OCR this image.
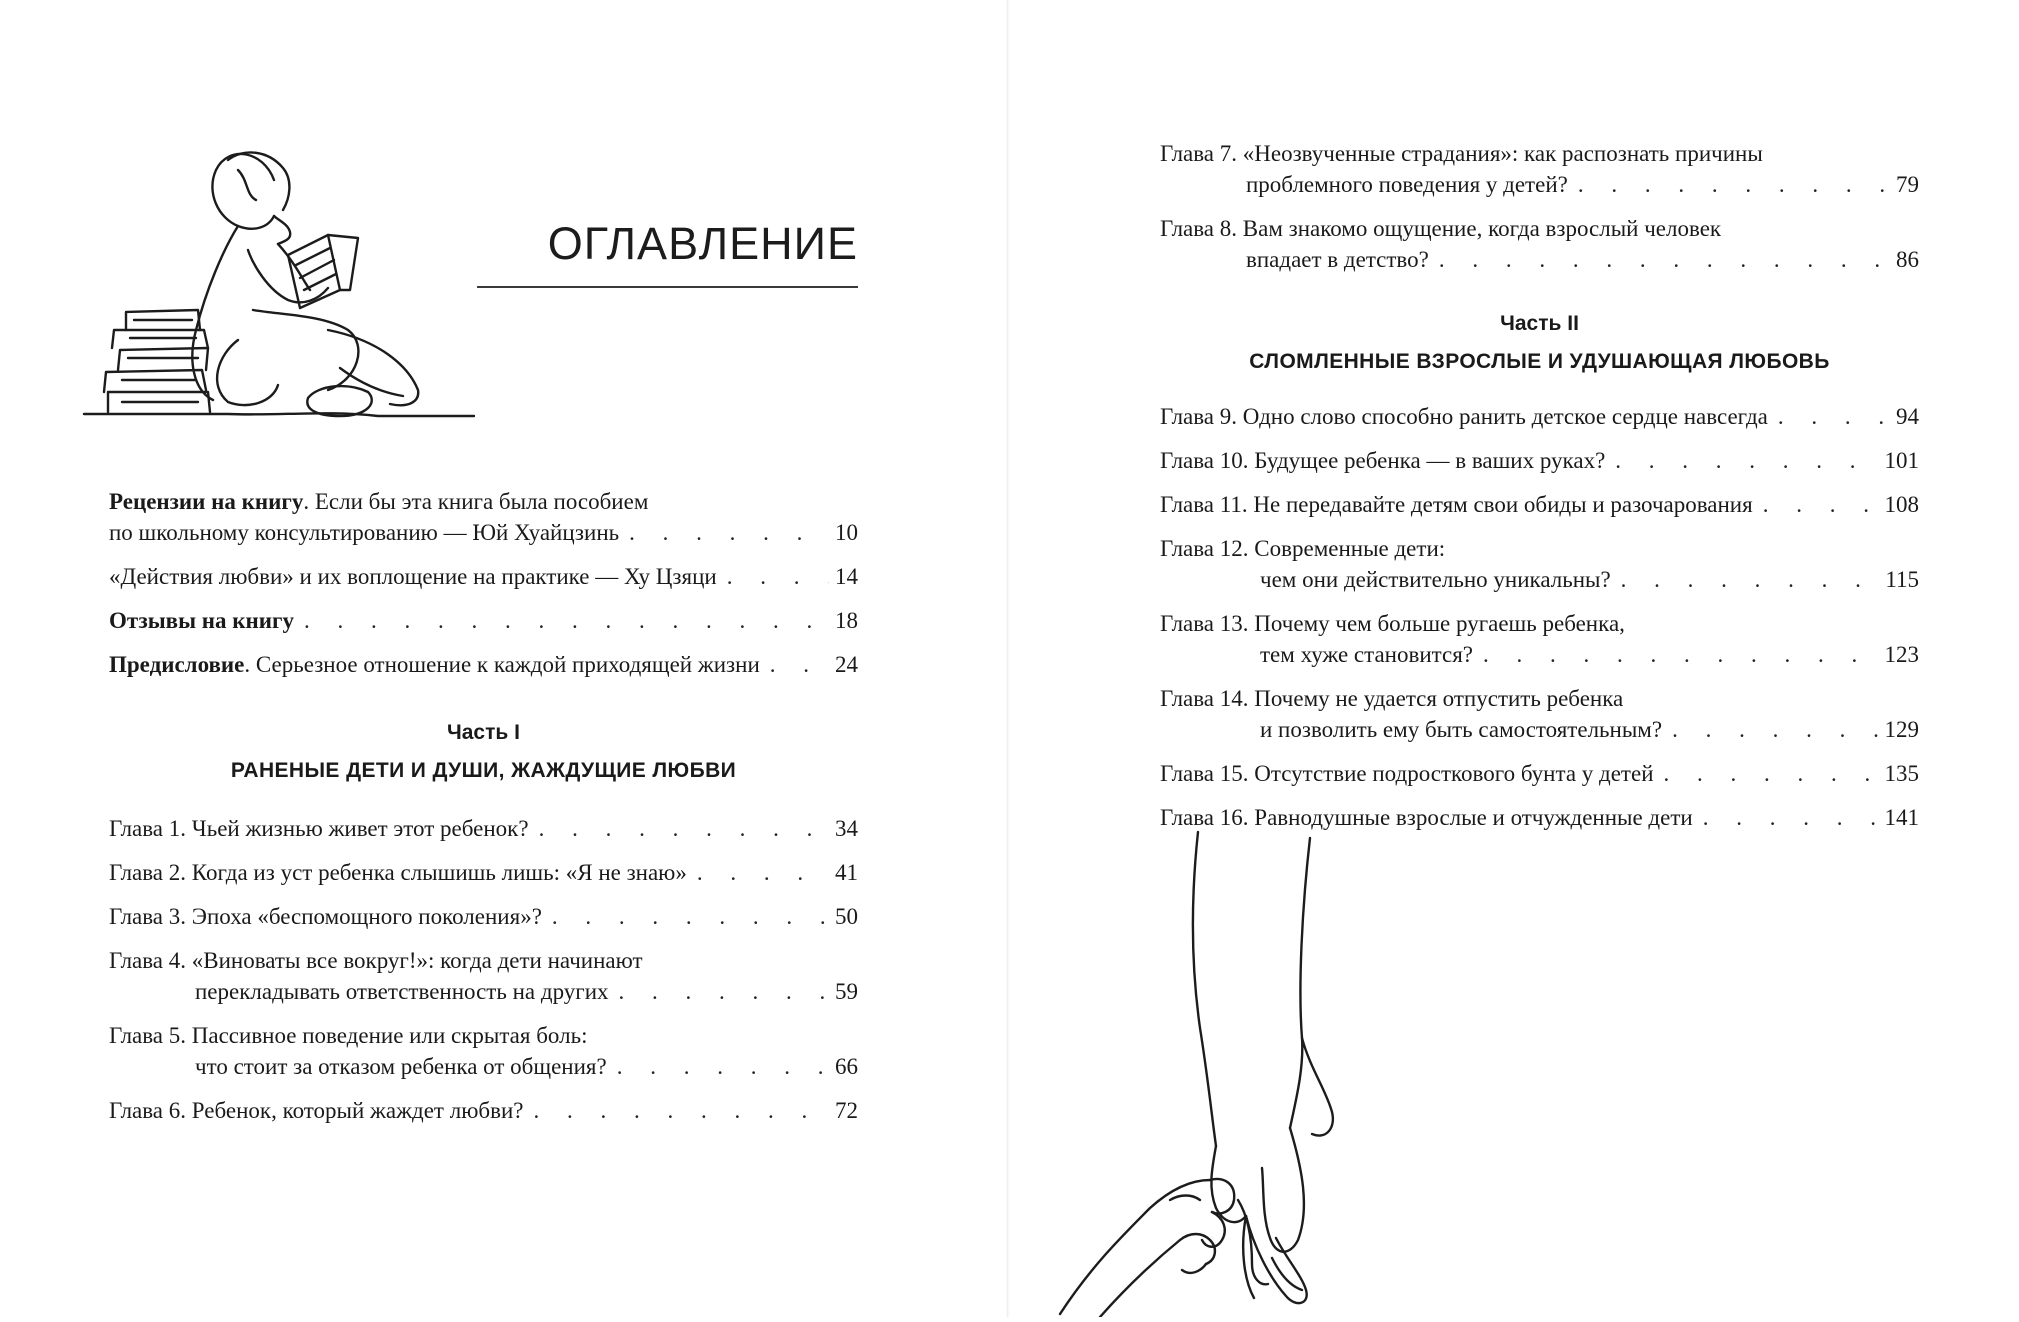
ОГЛАВЛЕНИЕ
Рецензии на книгу. Если бы эта книга была пособием
по школьному консультированию — Юй Хуайцзинь . . .	10
«Действия любви» и их воплощение на практике — Ху Цзяци . . .	14
Отзывы на книгу . . .	18
Предисловие. Серьезное отношение к каждой приходящей жизни . . .	24
Часть I
РАНЕНЫЕ ДЕТИ И ДУШИ, ЖАЖДУЩИЕ ЛЮБВИ
Глава 1. Чьей жизнью живет этот ребенок? . . .	34
Глава 2. Когда из уст ребенка слышишь лишь: «Я не знаю» . . .	41
Глава 3. Эпоха «беспомощного поколения»? . . .	50
Глава 4. «Виноваты все вокруг!»: когда дети начинают
перекладывать ответственность на других . . .	59
Глава 5. Пассивное поведение или скрытая боль:
что стоит за отказом ребенка от общения? . . .	66
Глава 6. Ребенок, который жаждет любви? . . .	72
Глава 7. «Неозвученные страдания»: как распознать причины
проблемного поведения у детей? . . .	79
Глава 8. Вам знакомо ощущение, когда взрослый человек
впадает в детство? . . .	86
Часть II
СЛОМЛЕННЫЕ ВЗРОСЛЫЕ И УДУШАЮЩАЯ ЛЮБОВЬ
Глава 9. Одно слово способно ранить детское сердце навсегда . . .	94
Глава 10. Будущее ребенка — в ваших руках? . . .	101
Глава 11. Не передавайте детям свои обиды и разочарования . . .	108
Глава 12. Современные дети:
чем они действительно уникальны? . . .	115
Глава 13. Почему чем больше ругаешь ребенка,
тем хуже становится? . . .	123
Глава 14. Почему не удается отпустить ребенка
и позволить ему быть самостоятельным? . . .	129
Глава 15. Отсутствие подросткового бунта у детей . . .	135
Глава 16. Равнодушные взрослые и отчужденные дети . . .	141
